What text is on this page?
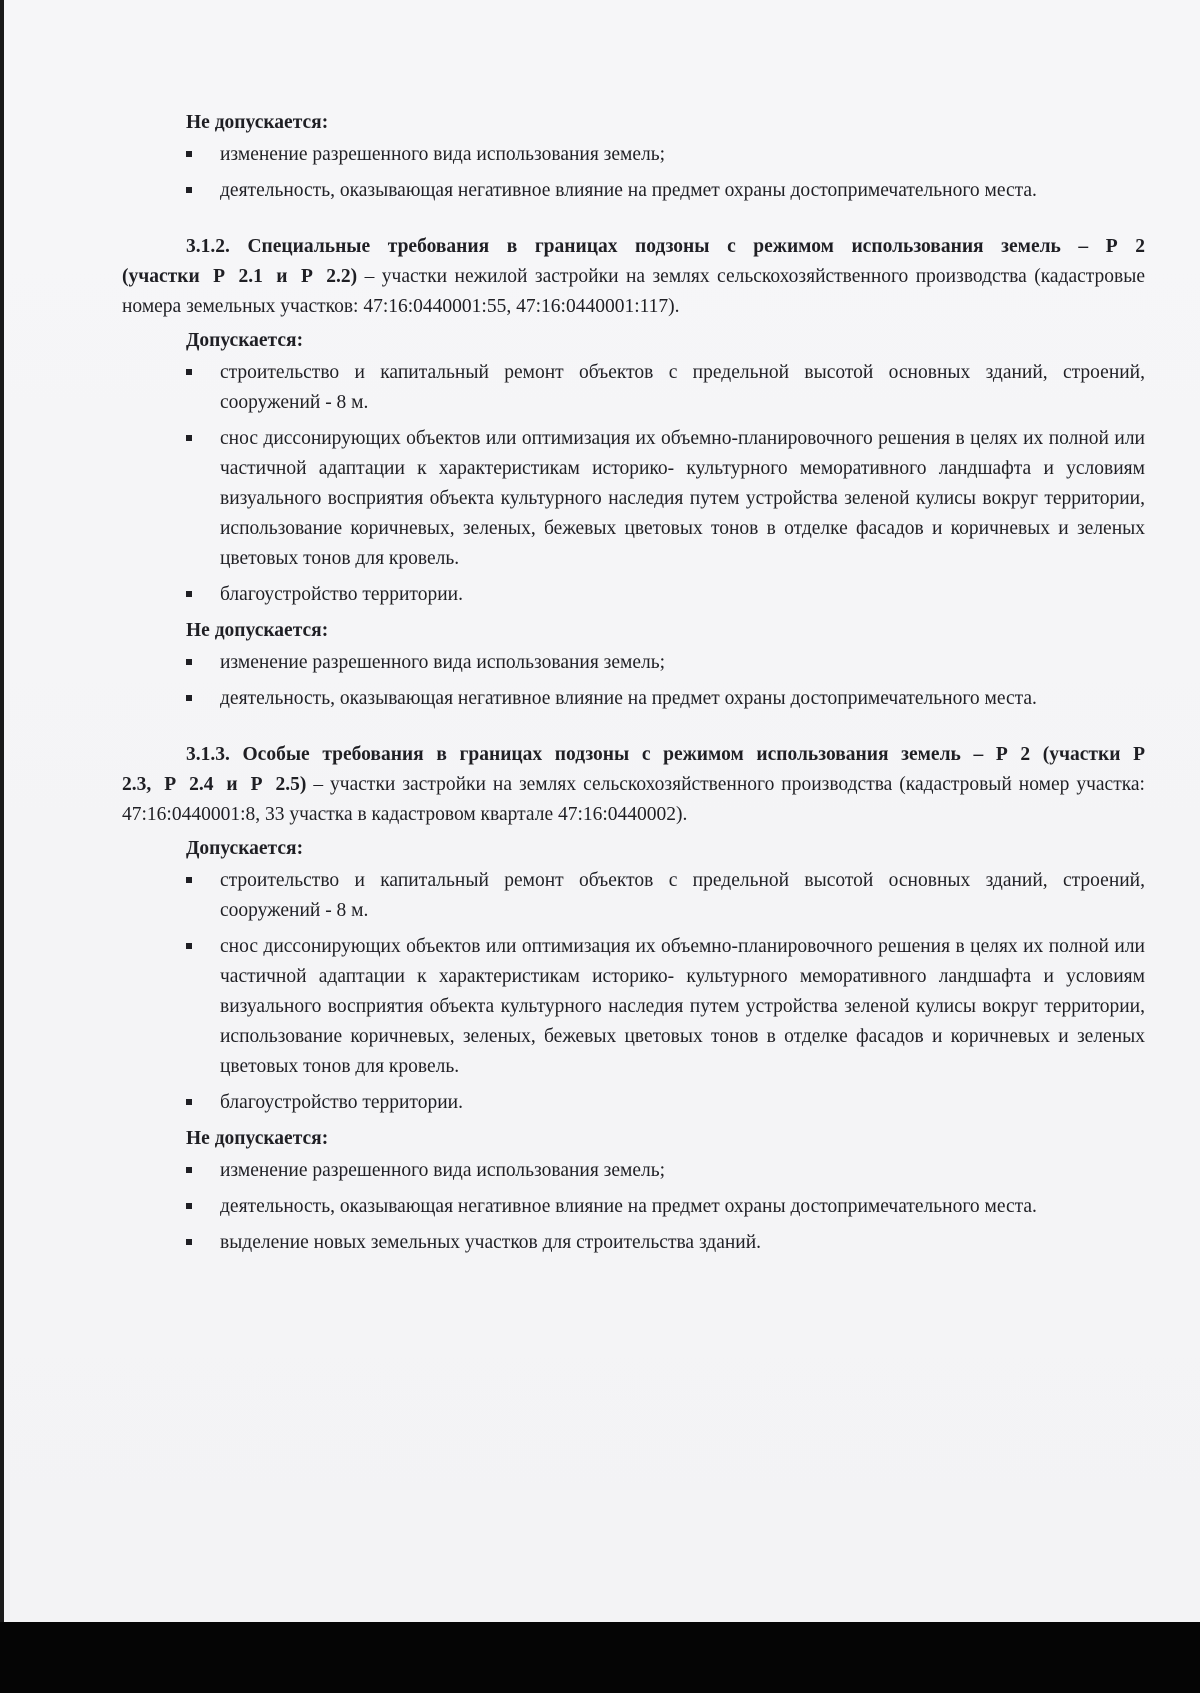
Не допускается:
изменение разрешенного вида использования земель;
деятельность, оказывающая негативное влияние на предмет охраны достопримечательного места.

3.1.2. Специальные требования в границах подзоны с режимом использования земель – Р 2 (участки Р 2.1 и Р 2.2) – участки нежилой застройки на землях сельскохозяйственного производства (кадастровые номера земельных участков: 47:16:0440001:55, 47:16:0440001:117).

Допускается:
строительство и капитальный ремонт объектов с предельной высотой основных зданий, строений, сооружений - 8 м.
снос диссонирующих объектов или оптимизация их объемно-планировочного решения в целях их полной или частичной адаптации к характеристикам историко- культурного меморативного ландшафта и условиям визуального восприятия объекта культурного наследия путем устройства зеленой кулисы вокруг территории, использование коричневых, зеленых, бежевых цветовых тонов в отделке фасадов и коричневых и зеленых цветовых тонов для кровель.
благоустройство территории.
Не допускается:
изменение разрешенного вида использования земель;
деятельность, оказывающая негативное влияние на предмет охраны достопримечательного места.

3.1.3. Особые требования в границах подзоны с режимом использования земель – Р 2 (участки Р 2.3, Р 2.4 и Р 2.5) – участки застройки на землях сельскохозяйственного производства (кадастровый номер участка: 47:16:0440001:8, 33 участка в кадастровом квартале 47:16:0440002).

Допускается:
строительство и капитальный ремонт объектов с предельной высотой основных зданий, строений, сооружений - 8 м.
снос диссонирующих объектов или оптимизация их объемно-планировочного решения в целях их полной или частичной адаптации к характеристикам историко- культурного меморативного ландшафта и условиям визуального восприятия объекта культурного наследия путем устройства зеленой кулисы вокруг территории, использование коричневых, зеленых, бежевых цветовых тонов в отделке фасадов и коричневых и зеленых цветовых тонов для кровель.
благоустройство территории.
Не допускается:
изменение разрешенного вида использования земель;
деятельность, оказывающая негативное влияние на предмет охраны достопримечательного места.
выделение новых земельных участков для строительства зданий.
